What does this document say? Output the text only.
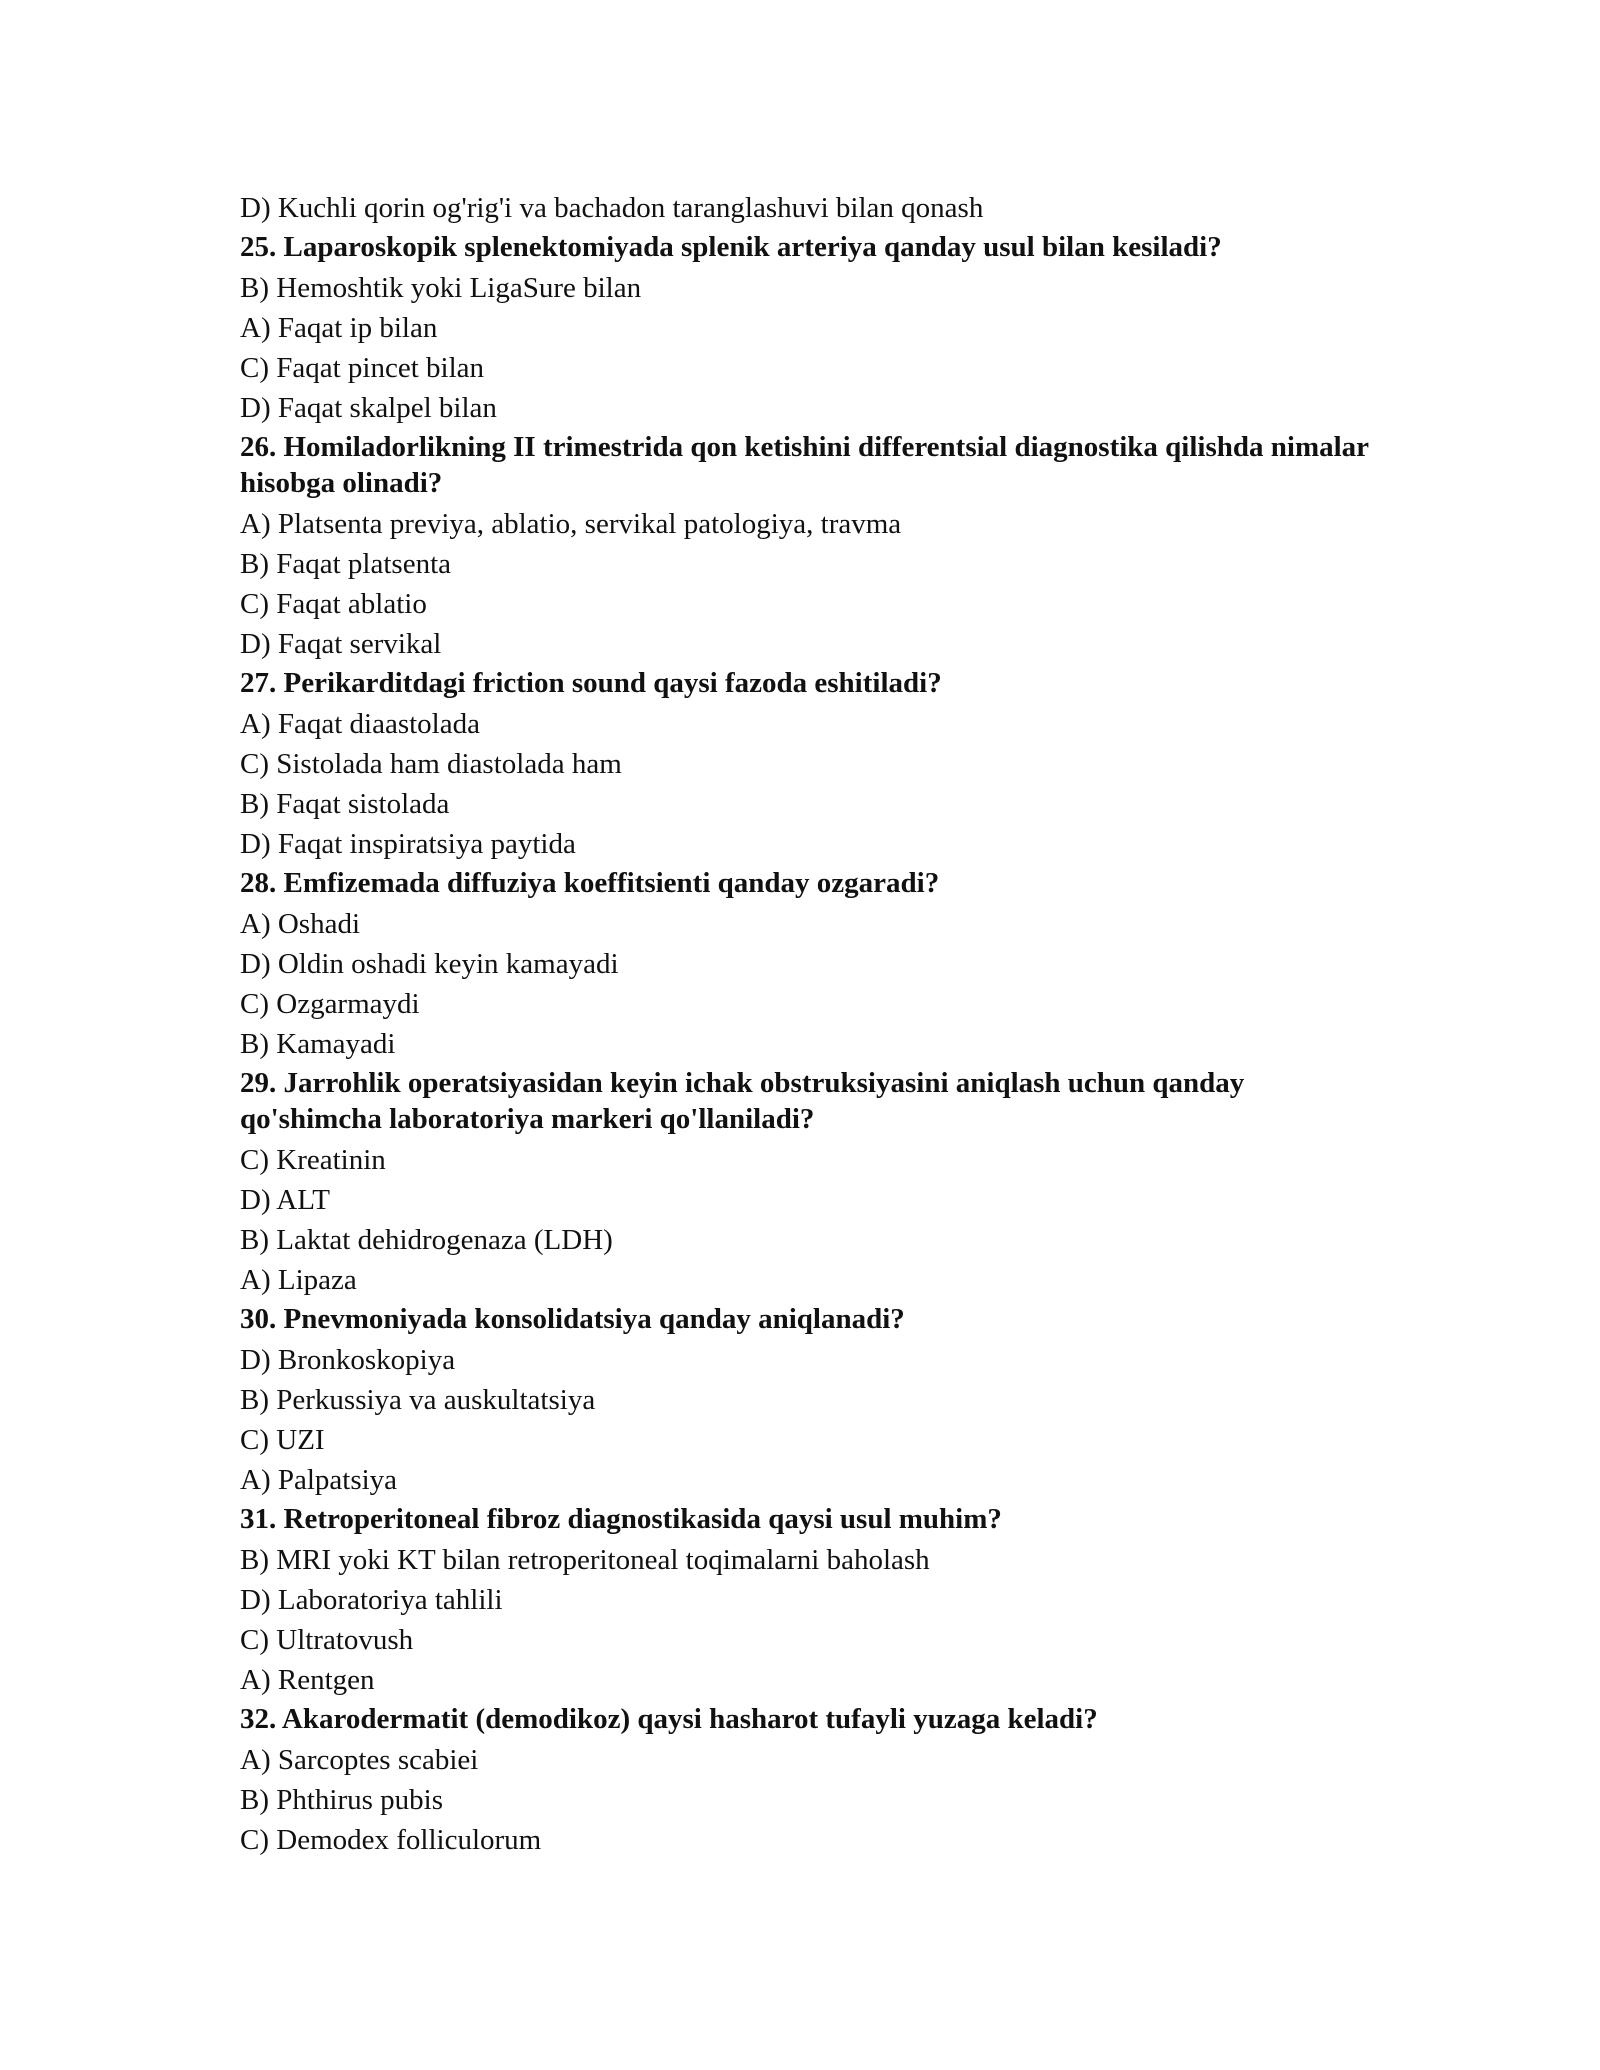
D) Kuchli qorin og'rig'i va bachadon taranglashuvi bilan qonash

25. Laparoskopik splenektomiyada splenik arteriya qanday usul bilan kesiladi?

B) Hemoshtik yoki LigaSure bilan

A) Faqat ip bilan

C) Faqat pincet bilan

D) Faqat skalpel bilan

26. Homiladorlikning II trimestrida qon ketishini differentsial diagnostika qilishda nimalar hisobga olinadi?

A) Platsenta previya, ablatio, servikal patologiya, travma

B) Faqat platsenta

C) Faqat ablatio

D) Faqat servikal

27. Perikarditdagi friction sound qaysi fazoda eshitiladi?

A) Faqat diaastolada

C) Sistolada ham diastolada ham

B) Faqat sistolada

D) Faqat inspiratsiya paytida

28. Emfizemada diffuziya koeffitsienti qanday ozgaradi?

A) Oshadi

D) Oldin oshadi keyin kamayadi

C) Ozgarmaydi

B) Kamayadi

29. Jarrohlik operatsiyasidan keyin ichak obstruksiyasini aniqlash uchun qanday qo'shimcha laboratoriya markeri qo'llaniladi?

C) Kreatinin

D) ALT

B) Laktat dehidrogenaza (LDH)

A) Lipaza

30. Pnevmoniyada konsolidatsiya qanday aniqlanadi?

D) Bronkoskopiya

B) Perkussiya va auskultatsiya

C) UZI

A) Palpatsiya

31. Retroperitoneal fibroz diagnostikasida qaysi usul muhim?

B) MRI yoki KT bilan retroperitoneal toqimalarni baholash

D) Laboratoriya tahlili

C) Ultratovush

A) Rentgen

32. Akarodermatit (demodikoz) qaysi hasharot tufayli yuzaga keladi?

A) Sarcoptes scabiei

B) Phthirus pubis

C) Demodex folliculorum
